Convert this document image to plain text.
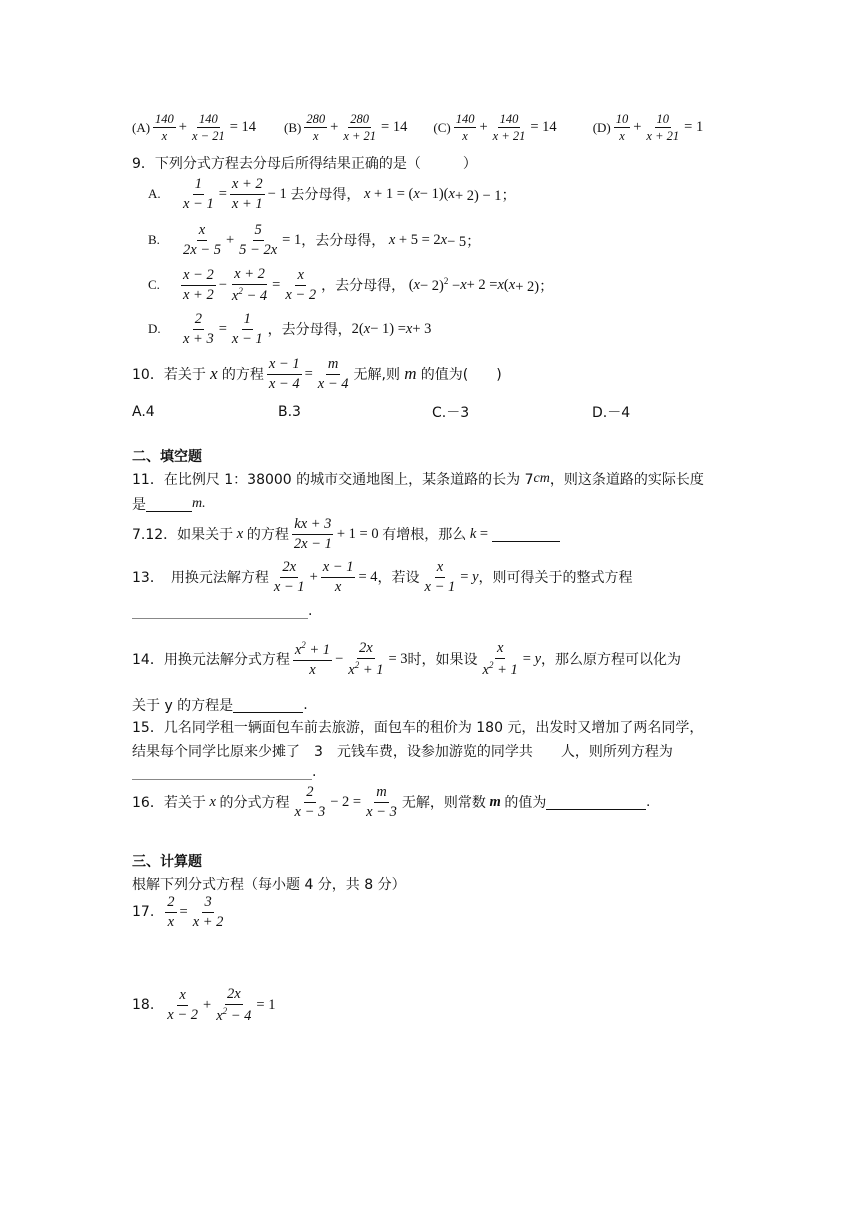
$(A) \frac{140}{x} + \frac{140}{x - 21} = 14$ $(B) \frac{280}{x} + \frac{280}{x + 21} = 14$ $(C) \frac{140}{x} + \frac{140}{x + 21} = 14$	$(D) \frac{10}{x} + \frac{10}{x + 21} = 1$
9．下列分式方程去分母后所得结果正确的是（　　　）
A.	$\frac{1}{x - 1} = \frac{x + 2}{x + 1} - 1$ 去分母得， x + 1 = ( x − 1)( x + 2) − 1；
B.	$\frac{x}{2x - 5} + \frac{5}{5 - 2x} = 1$ ，去分母得， x + 5 = 2 x − 5；
C.	$\frac{x - 2}{x + 2} - \frac{x + 2}{x^2 - 4} = \frac{x}{x - 2}$ ，去分母得， ( x − 2)$^2$ − x + 2 = x ( x + 2)；
D.	$\frac{2}{x + 3} = \frac{1}{x - 1}$ ，去分母得， 2( x − 1) = x + 3
10．若关于 x 的方程 $\frac{x - 1}{x - 4} = \frac{m}{x - 4}$ 无解,则 m 的值为(　　)
A.4	B.3	C.－3	D.－4
二、填空题
11．在比例尺 1：38000 的城市交通地图上，某条道路的长为 7 cm ，则这条道路的实际长度
是	m.
7.12．如果关于 x 的方程 $\frac{kx + 3}{2x - 1} + 1 = 0$ 有增根，那么 k =
13．　用换元法解方程 $\frac{2x}{x - 1} + \frac{x - 1}{x} = 4$ ，若设 $\frac{x}{x - 1} = y$ ，则可得关于的整式方程
.
14．用换元法解分式方程 $\frac{x^2 + 1}{x} - \frac{2x}{x^2 + 1} = 3$ 时，如果设 $\frac{x}{x^2 + 1} = y$ ，那么原方程可以化为
关于 y 的方程是	.
15．几名同学租一辆面包车前去旅游，面包车的租价为 180 元，出发时又增加了两名同学，
结果每个同学比原来少摊了　3　元钱车费，设参加游览的同学共　　人，则所列方程为
.
16．若关于 x 的分式方程 $\frac{2}{x - 3} - 2 = \frac{m}{x - 3}$ 无解，则常数 m 的值为	.
三、计算题
根解下列分式方程（每小题 4 分，共 8 分）
17. $\frac{2}{x} = \frac{3}{x + 2}$
18. $\frac{x}{x - 2} + \frac{2x}{x^2 - 4} = 1$
